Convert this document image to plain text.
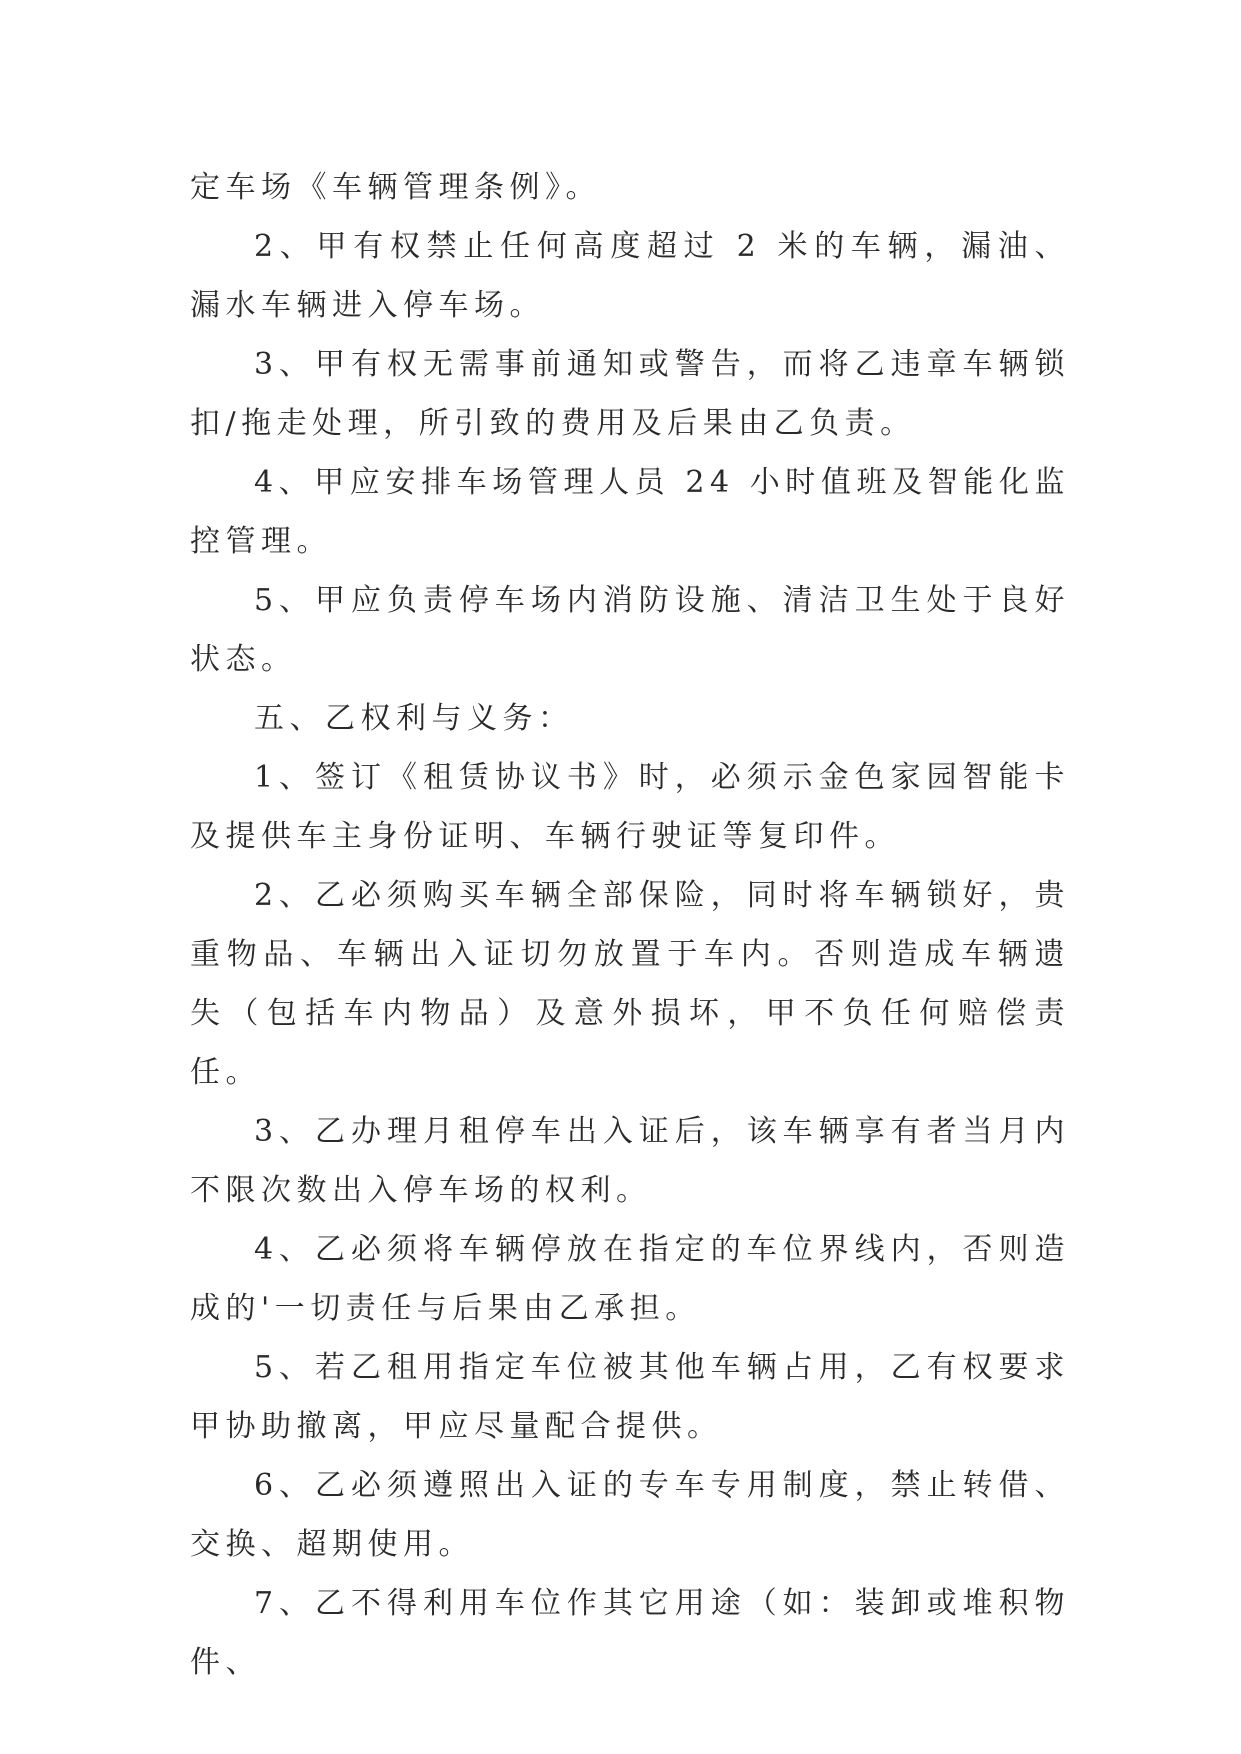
定车场《车辆管理条例》。

2、甲有权禁止任何高度超过 2 米的车辆，漏油、漏水车辆进入停车场。

3、甲有权无需事前通知或警告，而将乙违章车辆锁扣/拖走处理，所引致的费用及后果由乙负责。

4、甲应安排车场管理人员 24 小时值班及智能化监控管理。

5、甲应负责停车场内消防设施、清洁卫生处于良好状态。

五、乙权利与义务：

1、签订《租赁协议书》时，必须示金色家园智能卡及提供车主身份证明、车辆行驶证等复印件。

2、乙必须购买车辆全部保险，同时将车辆锁好，贵重物品、车辆出入证切勿放置于车内。否则造成车辆遗失（包括车内物品）及意外损坏，甲不负任何赔偿责任。

3、乙办理月租停车出入证后，该车辆享有者当月内不限次数出入停车场的权利。

4、乙必须将车辆停放在指定的车位界线内，否则造成的'一切责任与后果由乙承担。

5、若乙租用指定车位被其他车辆占用，乙有权要求甲协助撤离，甲应尽量配合提供。

6、乙必须遵照出入证的专车专用制度，禁止转借、交换、超期使用。

7、乙不得利用车位作其它用途（如：装卸或堆积物件、
